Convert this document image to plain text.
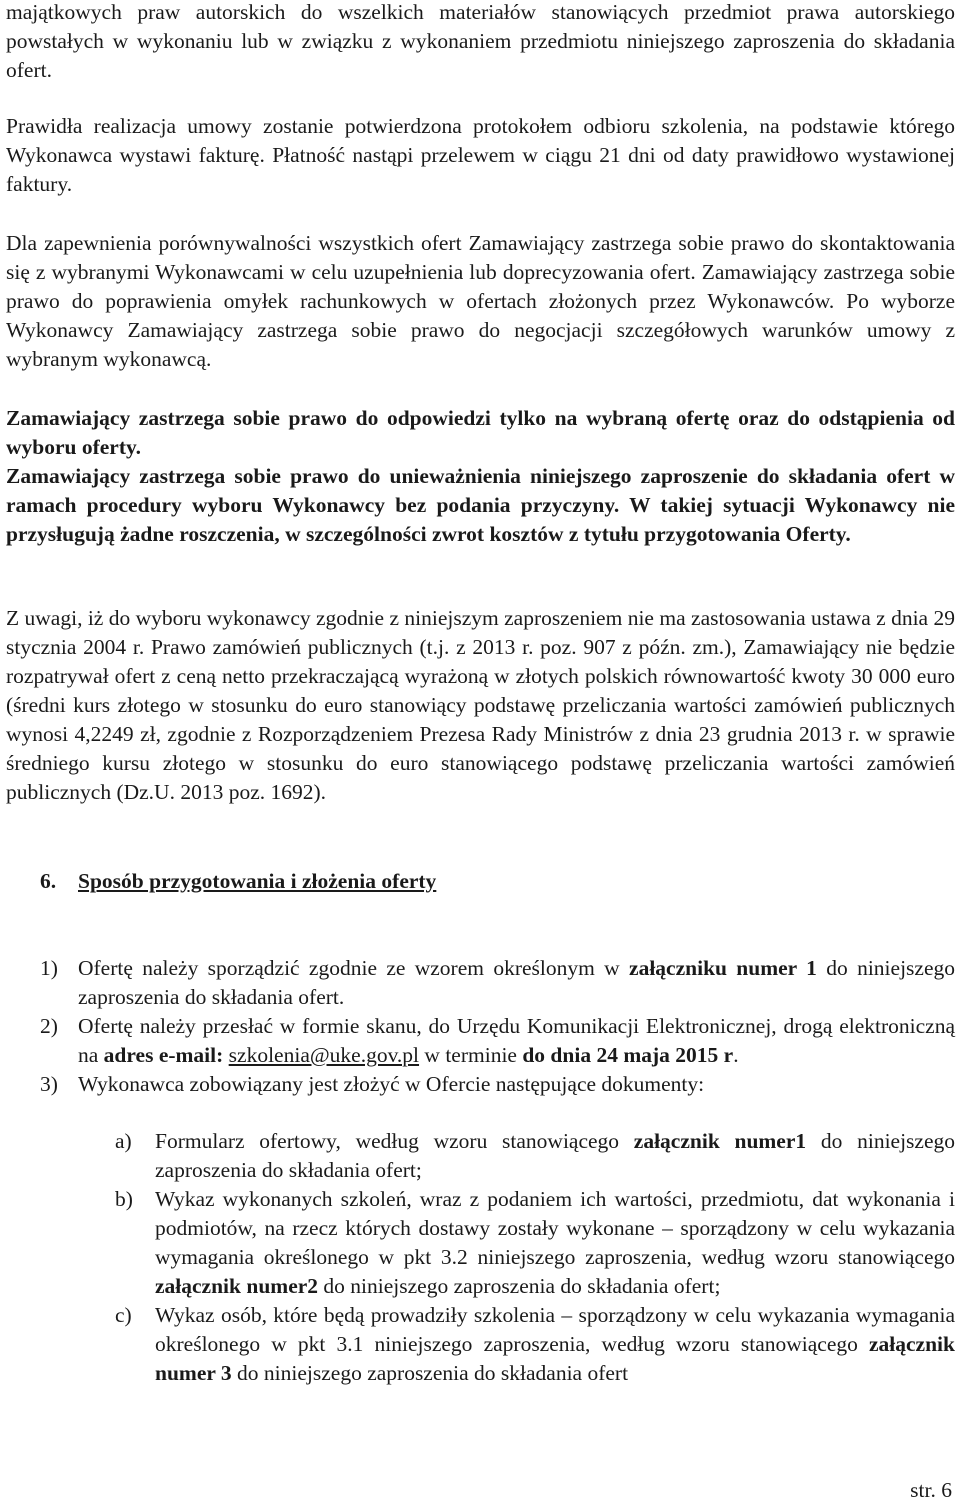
majątkowych praw autorskich do wszelkich materiałów stanowiących przedmiot prawa autorskiego powstałych w wykonaniu lub w związku z wykonaniem przedmiotu niniejszego zaproszenia do składania ofert.

Prawidła realizacja umowy zostanie potwierdzona protokołem odbioru szkolenia, na podstawie którego Wykonawca wystawi fakturę. Płatność nastąpi przelewem w ciągu 21 dni od daty prawidłowo wystawionej faktury.

Dla zapewnienia porównywalności wszystkich ofert Zamawiający zastrzega sobie prawo do skontaktowania się z wybranymi Wykonawcami w celu uzupełnienia lub doprecyzowania ofert. Zamawiający zastrzega sobie prawo do poprawienia omyłek rachunkowych w ofertach złożonych przez Wykonawców. Po wyborze Wykonawcy Zamawiający zastrzega sobie prawo do negocjacji szczegółowych warunków umowy z wybranym wykonawcą.

Zamawiający zastrzega sobie prawo do odpowiedzi tylko na wybraną ofertę oraz do odstąpienia od wyboru oferty.

Zamawiający zastrzega sobie prawo do unieważnienia niniejszego zaproszenie do składania ofert w ramach procedury wyboru Wykonawcy bez podania przyczyny. W takiej sytuacji Wykonawcy nie przysługują żadne roszczenia, w szczególności zwrot kosztów z tytułu przygotowania Oferty.

Z uwagi, iż do wyboru wykonawcy zgodnie z niniejszym zaproszeniem nie ma zastosowania ustawa z dnia 29 stycznia 2004 r. Prawo zamówień publicznych (t.j. z 2013 r. poz. 907 z późn. zm.), Zamawiający nie będzie rozpatrywał ofert z ceną netto przekraczającą wyrażoną w złotych polskich równowartość kwoty 30 000 euro (średni kurs złotego w stosunku do euro stanowiący podstawę przeliczania wartości zamówień publicznych wynosi 4,2249 zł, zgodnie z Rozporządzeniem Prezesa Rady Ministrów z dnia 23 grudnia 2013 r. w sprawie średniego kursu złotego w stosunku do euro stanowiącego podstawę przeliczania wartości zamówień publicznych (Dz.U. 2013 poz. 1692).

6. Sposób przygotowania i złożenia oferty
1) Ofertę należy sporządzić zgodnie ze wzorem określonym w załączniku numer 1 do niniejszego zaproszenia do składania ofert.
2) Ofertę należy przesłać w formie skanu, do Urzędu Komunikacji Elektronicznej, drogą elektroniczną na adres e-mail: szkolenia@uke.gov.pl w terminie do dnia 24 maja 2015 r.
3) Wykonawca zobowiązany jest złożyć w Ofercie następujące dokumenty:
a) Formularz ofertowy, według wzoru stanowiącego załącznik numer1 do niniejszego zaproszenia do składania ofert;
b) Wykaz wykonanych szkoleń, wraz z podaniem ich wartości, przedmiotu, dat wykonania i podmiotów, na rzecz których dostawy zostały wykonane – sporządzony w celu wykazania wymagania określonego w pkt 3.2 niniejszego zaproszenia, według wzoru stanowiącego załącznik numer2 do niniejszego zaproszenia do składania ofert;
c) Wykaz osób, które będą prowadziły szkolenia – sporządzony w celu wykazania wymagania określonego w pkt 3.1 niniejszego zaproszenia, według wzoru stanowiącego załącznik numer 3 do niniejszego zaproszenia do składania ofert

str. 6
